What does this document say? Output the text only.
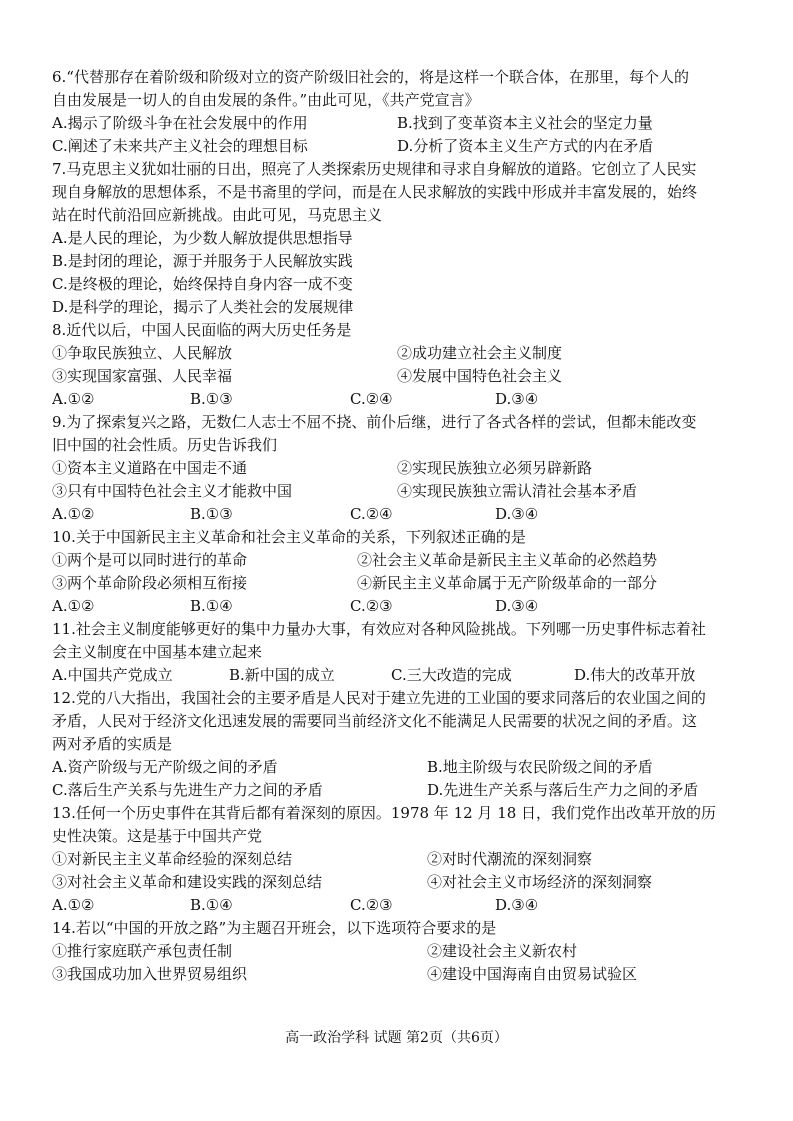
6.“代替那存在着阶级和阶级对立的资产阶级旧社会的，将是这样一个联合体，在那里，每个人的
自由发展是一切人的自由发展的条件。”由此可见，《共产党宣言》
A.揭示了阶级斗争在社会发展中的作用	B.找到了变革资本主义社会的坚定力量
C.阐述了未来共产主义社会的理想目标	D.分析了资本主义生产方式的内在矛盾
7.马克思主义犹如壮丽的日出，照亮了人类探索历史规律和寻求自身解放的道路。它创立了人民实
现自身解放的思想体系，不是书斋里的学问，而是在人民求解放的实践中形成并丰富发展的，始终
站在时代前沿回应新挑战。由此可见，马克思主义
A.是人民的理论，为少数人解放提供思想指导
B.是封闭的理论，源于并服务于人民解放实践
C.是终极的理论，始终保持自身内容一成不变
D.是科学的理论，揭示了人类社会的发展规律
8.近代以后，中国人民面临的两大历史任务是
①争取民族独立、人民解放	②成功建立社会主义制度
③实现国家富强、人民幸福	④发展中国特色社会主义
A.①②	B.①③	C.②④	D.③④
9.为了探索复兴之路，无数仁人志士不屈不挠、前仆后继，进行了各式各样的尝试，但都未能改变
旧中国的社会性质。历史告诉我们
①资本主义道路在中国走不通	②实现民族独立必须另辟新路
③只有中国特色社会主义才能救中国	④实现民族独立需认清社会基本矛盾
A.①②	B.①③	C.②④	D.③④
10.关于中国新民主主义革命和社会主义革命的关系，下列叙述正确的是
①两个是可以同时进行的革命	②社会主义革命是新民主主义革命的必然趋势
③两个革命阶段必须相互衔接	④新民主主义革命属于无产阶级革命的一部分
A.①②	B.①④	C.②③	D.③④
11.社会主义制度能够更好的集中力量办大事，有效应对各种风险挑战。下列哪一历史事件标志着社
会主义制度在中国基本建立起来
A.中国共产党成立	B.新中国的成立	C.三大改造的完成	D.伟大的改革开放
12.党的八大指出，我国社会的主要矛盾是人民对于建立先进的工业国的要求同落后的农业国之间的
矛盾，人民对于经济文化迅速发展的需要同当前经济文化不能满足人民需要的状况之间的矛盾。这
两对矛盾的实质是
A.资产阶级与无产阶级之间的矛盾	B.地主阶级与农民阶级之间的矛盾
C.落后生产关系与先进生产力之间的矛盾	D.先进生产关系与落后生产力之间的矛盾
13.任何一个历史事件在其背后都有着深刻的原因。1978 年 12 月 18 日，我们党作出改革开放的历
史性决策。这是基于中国共产党
①对新民主主义革命经验的深刻总结	②对时代潮流的深刻洞察
③对社会主义革命和建设实践的深刻总结	④对社会主义市场经济的深刻洞察
A.①②	B.①④	C.②③	D.③④
14.若以“中国的开放之路”为主题召开班会，以下选项符合要求的是
①推行家庭联产承包责任制	②建设社会主义新农村
③我国成功加入世界贸易组织	④建设中国海南自由贸易试验区
高一政治学科 试题 第2页（共6页）
